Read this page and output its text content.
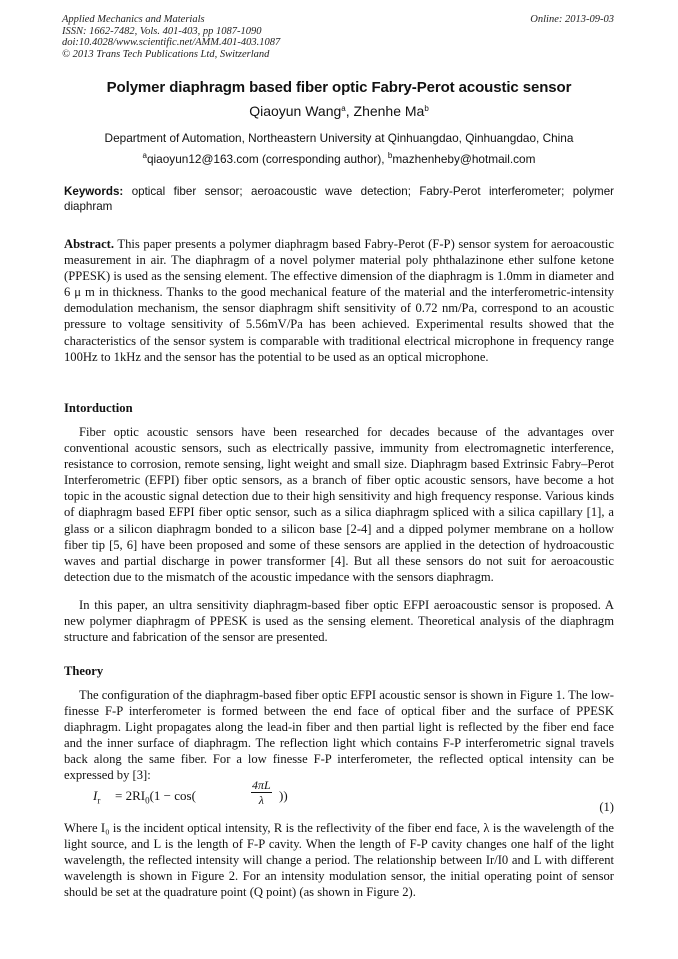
Applied Mechanics and Materials
ISSN: 1662-7482, Vols. 401-403, pp 1087-1090
doi:10.4028/www.scientific.net/AMM.401-403.1087
© 2013 Trans Tech Publications Ltd, Switzerland
Online: 2013-09-03
Polymer diaphragm based fiber optic Fabry-Perot acoustic sensor
Qiaoyun Wang$^a$, Zhenhe Ma$^b$
Department of Automation, Northeastern University at Qinhuangdao, Qinhuangdao, China
$^a$qiaoyun12@163.com (corresponding author), $^b$mazhenheby@hotmail.com
Keywords: optical fiber sensor; aeroacoustic wave detection; Fabry-Perot interferometer; polymer diaphram

Abstract. This paper presents a polymer diaphragm based Fabry-Perot (F-P) sensor system for aeroacoustic measurement in air. The diaphragm of a novel polymer material poly phthalazinone ether sulfone ketone (PPESK) is used as the sensing element. The effective dimension of the diaphragm is 1.0mm in diameter and 6 μ m in thickness. Thanks to the good mechanical feature of the material and the interferometric-intensity demodulation mechanism, the sensor diaphragm shift sensitivity of 0.72 nm/Pa, correspond to an acoustic pressure to voltage sensitivity of 5.56mV/Pa has been achieved. Experimental results showed that the characteristics of the sensor system is comparable with traditional electrical microphone in frequency range 100Hz to 1kHz and the sensor has the potential to be used as an optical microphone.

Intorduction

Fiber optic acoustic sensors have been researched for decades because of the advantages over conventional acoustic sensors, such as electrically passive, immunity from electromagnetic interference, resistance to corrosion, remote sensing, light weight and small size. Diaphragm based Extrinsic Fabry–Perot Interferometric (EFPI) fiber optic sensors, as a branch of fiber optic acoustic sensors, have become a hot topic in the acoustic signal detection due to their high sensitivity and high frequency response. Various kinds of diaphragm based EFPI fiber optic sensor, such as a silica diaphragm spliced with a silica capillary [1], a glass or a silicon diaphragm bonded to a silicon base [2-4] and a dipped polymer membrane on a hollow fiber tip [5, 6] have been proposed and some of these sensors are applied in the detection of hydroacoustic waves and partial discharge in power transformer [4]. But all these sensors do not suit for aeroacoustic detection due to the mismatch of the acoustic impedance with the sensors diaphragm.

In this paper, an ultra sensitivity diaphragm-based fiber optic EFPI aeroacoustic sensor is proposed. A new polymer diaphragm of PPESK is used as the sensing element. Theoretical analysis of the diaphragm structure and fabrication of the sensor are presented.

Theory

The configuration of the diaphragm-based fiber optic EFPI acoustic sensor is shown in Figure 1. The low-finesse F-P interferometer is formed between the end face of optical fiber and the surface of PPESK diaphragm. Light propagates along the lead-in fiber and then partial light is reflected by the fiber end face and the inner surface of diaphragm. The reflection light which contains F-P interferometric signal travels back along the same fiber. For a low finesse F-P interferometer, the reflected optical intensity can be expressed by [3]:

$I_r = 2RI_0(1 - \cos$(	$\frac{4\pi L}{\lambda}$ ))
(1)

Where I₀ is the incident optical intensity, R is the reflectivity of the fiber end face, λ is the wavelength of the light source, and L is the length of F-P cavity. When the length of F-P cavity changes one half of the light wavelength, the reflected intensity will change a period. The relationship between Ir/I0 and L with different wavelength is shown in Figure 2. For an intensity modulation sensor, the initial operating point of sensor should be set at the quadrature point (Q point) (as shown in Figure 2).
